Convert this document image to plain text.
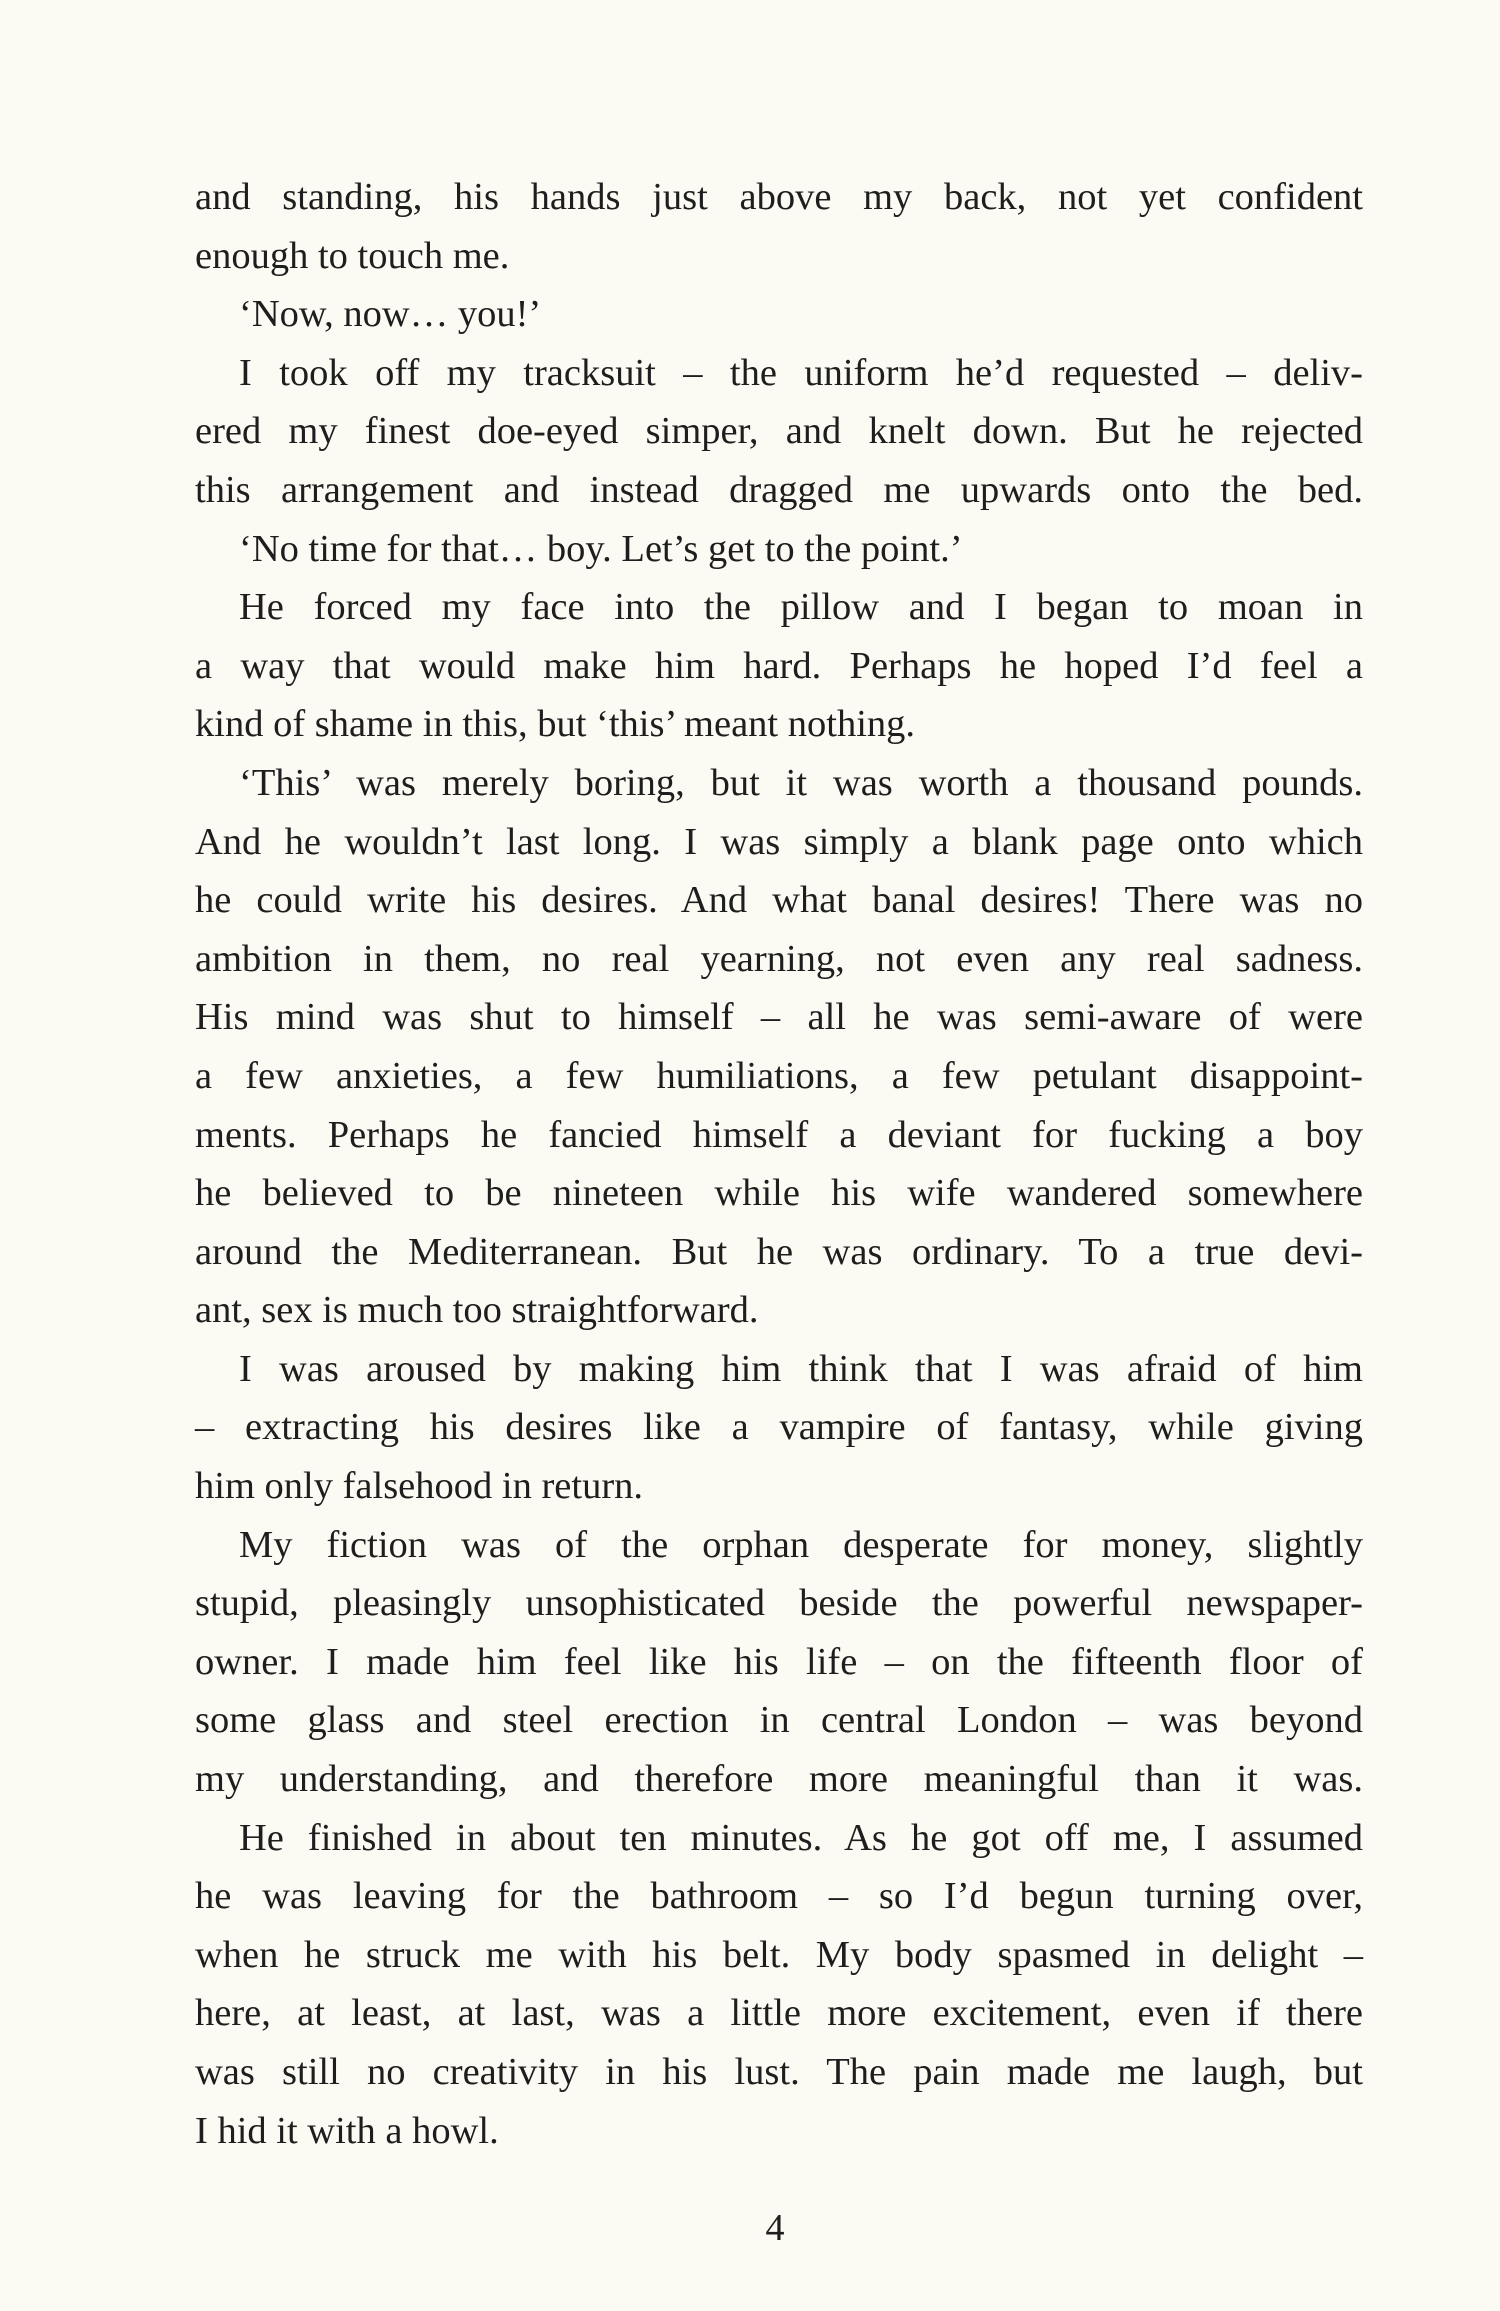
and standing, his hands just above my back, not yet confident
enough to touch me.
‘Now, now… you!’
I took off my tracksuit – the uniform he’d requested – deliv-
ered my finest doe-eyed simper, and knelt down. But he rejected
this arrangement and instead dragged me upwards onto the bed.
‘No time for that… boy. Let’s get to the point.’
He forced my face into the pillow and I began to moan in
a way that would make him hard. Perhaps he hoped I’d feel a
kind of shame in this, but ‘this’ meant nothing.
‘This’ was merely boring, but it was worth a thousand pounds.
And he wouldn’t last long. I was simply a blank page onto which
he could write his desires. And what banal desires! There was no
ambition in them, no real yearning, not even any real sadness.
His mind was shut to himself – all he was semi-aware of were
a few anxieties, a few humiliations, a few petulant disappoint-
ments. Perhaps he fancied himself a deviant for fucking a boy
he believed to be nineteen while his wife wandered somewhere
around the Mediterranean. But he was ordinary. To a true devi-
ant, sex is much too straightforward.
I was aroused by making him think that I was afraid of him
– extracting his desires like a vampire of fantasy, while giving
him only falsehood in return.
My fiction was of the orphan desperate for money, slightly
stupid, pleasingly unsophisticated beside the powerful newspaper-
owner. I made him feel like his life – on the fifteenth floor of
some glass and steel erection in central London – was beyond
my understanding, and therefore more meaningful than it was.
He finished in about ten minutes. As he got off me, I assumed
he was leaving for the bathroom – so I’d begun turning over,
when he struck me with his belt. My body spasmed in delight –
here, at least, at last, was a little more excitement, even if there
was still no creativity in his lust. The pain made me laugh, but
I hid it with a howl.
4
